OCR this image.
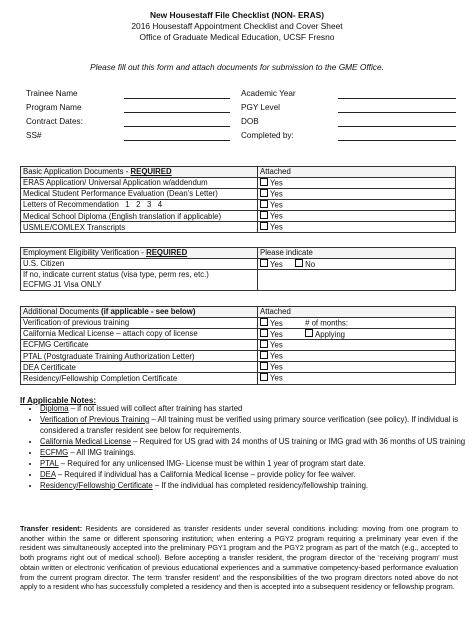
New Housestaff File Checklist (NON- ERAS)
2016 Housestaff Appointment Checklist and Cover Sheet
Office of Graduate Medical Education, UCSF Fresno
Please fill out this form and attach documents for submission to the GME Office.
Trainee Name	Academic Year
Program Name	PGY Level
Contract Dates:	DOB
SS#	Completed by:
Basic Application Documents - REQUIRED	Attached
ERAS Application/ Universal Application w/addendum	Yes
Medical Student Performance Evaluation (Dean’s Letter)	Yes
Letters of Recommendation   1   2   3   4	Yes
Medical School Diploma (English translation if applicable)	Yes
USMLE/COMLEX Transcripts	Yes
Employment Eligibility Verification - REQUIRED	Please indicate
U.S. Citizen	Yes No
If no, indicate current status (visa type, perm res, etc.)	
ECFMG J1 Visa ONLY	
Additional Documents (if applicable - see below)	Attached
Verification of previous training	Yes # of months:
California Medical License – attach copy of license	Yes Applying
ECFMG Certificate	Yes
PTAL (Postgraduate Training Authorization Letter)	Yes
DEA Certificate	Yes
Residency/Fellowship Completion Certificate	Yes
If Applicable Notes:
• Diploma – if not issued will collect after training has started
• Verification of Previous Training – All training must be verified using primary source verification (see policy). If individual is considered a transfer resident see below for requirements.
• California Medical License – Required for US grad with 24 months of US training or IMG grad with 36 months of US training
• ECFMG – All IMG trainings.
• PTAL – Required for any unlicensed IMG- License must be within 1 year of program start date.
• DEA – Required if individual has a California Medical license – provide policy for fee waiver.
• Residency/Fellowship Certificate – If the individual has completed residency/fellowship training.
Transfer resident: Residents are considered as transfer residents under several conditions including: moving from one program to another within the same or different sponsoring institution; when entering a PGY2 program requiring a preliminary year even if the resident was simultaneously accepted into the preliminary PGY1 program and the PGY2 program as part of the match (e.g., accepted to both programs right out of medical school). Before accepting a transfer resident, the program director of the ‘receiving program’ must obtain written or electronic verification of previous educational experiences and a summative competency-based performance evaluation from the current program director. The term ‘transfer resident’ and the responsibilities of the two program directors noted above do not apply to a resident who has successfully completed a residency and then is accepted into a subsequent residency or fellowship program.
